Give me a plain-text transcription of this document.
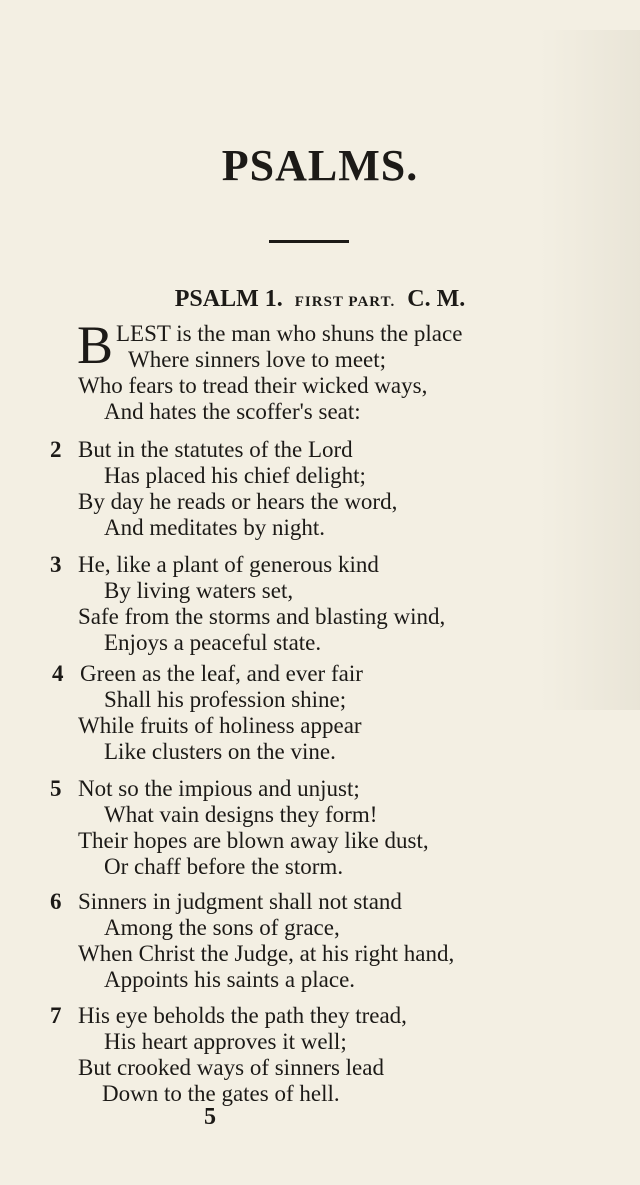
PSALMS.
PSALM 1. FIRST PART. C. M.
B LEST is the man who shuns the place
Where sinners love to meet;
Who fears to tread their wicked ways,
And hates the scoffer's seat:
2 But in the statutes of the Lord
Has placed his chief delight;
By day he reads or hears the word,
And meditates by night.
3 He, like a plant of generous kind
By living waters set,
Safe from the storms and blasting wind,
Enjoys a peaceful state.
4 Green as the leaf, and ever fair
Shall his profession shine;
While fruits of holiness appear
Like clusters on the vine.
5 Not so the impious and unjust;
What vain designs they form!
Their hopes are blown away like dust,
Or chaff before the storm.
6 Sinners in judgment shall not stand
Among the sons of grace,
When Christ the Judge, at his right hand,
Appoints his saints a place.
7 His eye beholds the path they tread,
His heart approves it well;
But crooked ways of sinners lead
Down to the gates of hell.
5
